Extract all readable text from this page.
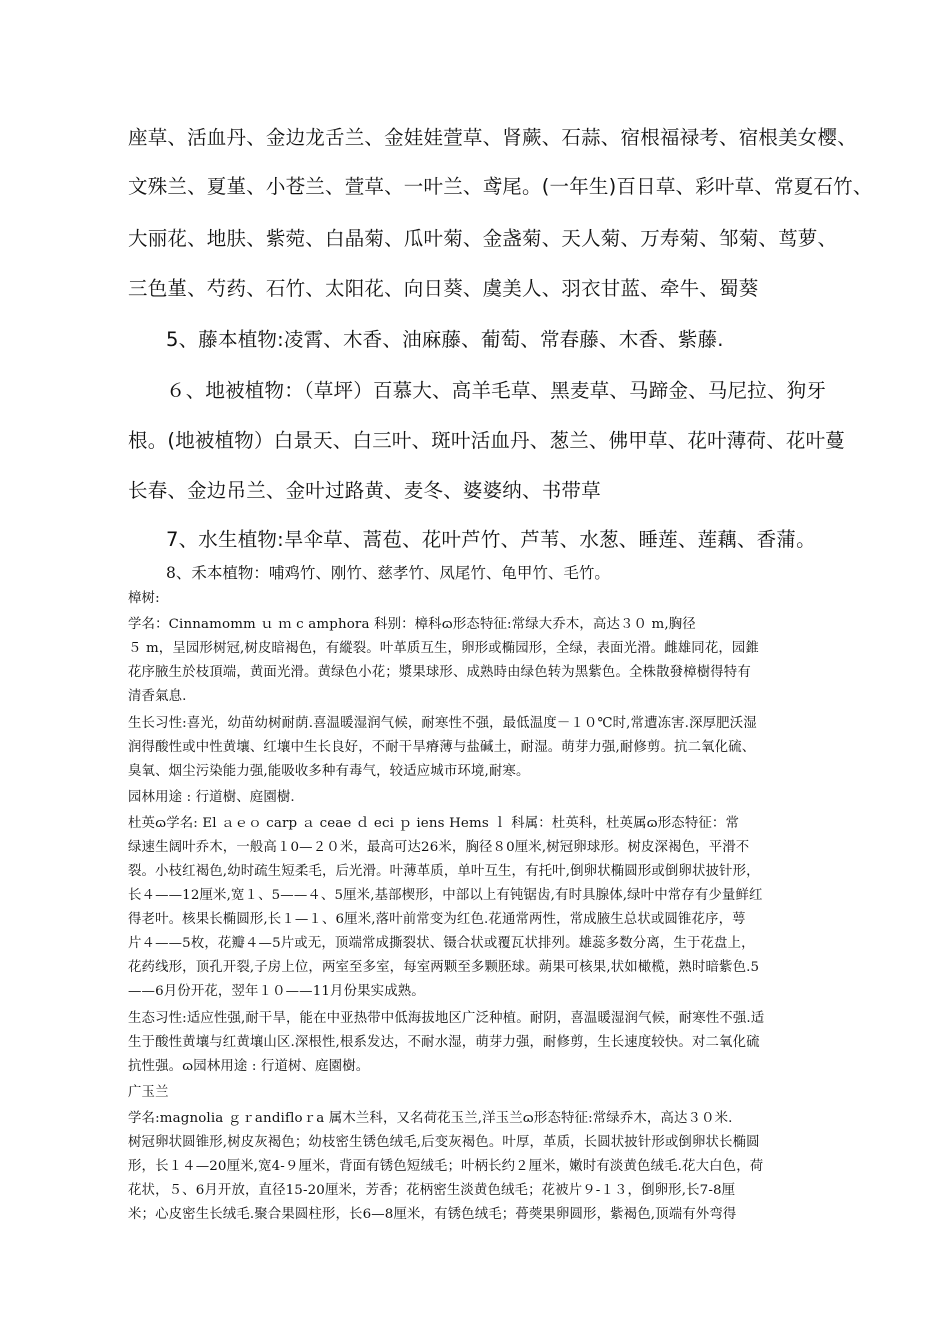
座草、活血丹、金边龙舌兰、金娃娃萱草、肾蕨、石蒜、宿根福禄考、宿根美女樱、
文殊兰、夏堇、小苍兰、萱草、一叶兰、鸢尾。(一年生)百日草、彩叶草、常夏石竹、
大丽花、地肤、紫菀、白晶菊、瓜叶菊、金盏菊、天人菊、万寿菊、邹菊、茑萝、
三色堇、芍药、石竹、太阳花、向日葵、虞美人、羽衣甘蓝、牵牛、蜀葵
5、藤本植物:凌霄、木香、油麻藤、葡萄、常春藤、木香、紫藤.
６、地被植物：（草坪）百慕大、高羊毛草、黑麦草、马蹄金、马尼拉、狗牙
根。(地被植物）白景天、白三叶、斑叶活血丹、葱兰、佛甲草、花叶薄荷、花叶蔓
长春、金边吊兰、金叶过路黄、麦冬、婆婆纳、书带草
7、水生植物:旱伞草、蒿苞、花叶芦竹、芦苇、水葱、睡莲、莲藕、香蒲。
8、禾本植物：哺鸡竹、刚竹、慈孝竹、凤尾竹、龟甲竹、毛竹。
樟树:
学名：Cinnamomm ｕ ｍ c amphora 科别：樟科ɷ形态特征:常绿大乔木，高达３０ m,胸径
５ m，呈园形树冠,树皮暗褐色，有縱裂。叶革质互生，卵形或椭园形，全绿，表面光滑。雌雄同花，园錐
花序腋生於枝頂端，黄面光滑。黄绿色小花；漿果球形、成熟時由绿色转为黑紫色。全株散發樟樹得特有
清香氣息.
生长习性:喜光，幼苗幼树耐荫.喜温暖湿润气候，耐寒性不强，最低温度－１０℃时,常遭冻害.深厚肥沃湿
润得酸性或中性黄壤、红壤中生长良好，不耐干旱瘠薄与盐碱土，耐湿。萌芽力强,耐修剪。抗二氧化硫、
臭氧、烟尘污染能力强,能吸收多种有毒气，较适应城市环境,耐寒。
园林用途 : 行道樹、庭園樹.
杜英ɷ学名: El ａｅｏ carp ａ ceae ｄ eci ｐ iens Hems ｌ 科属：杜英科，杜英属ɷ形态特征：常
绿速生阔叶乔木，一般高１0—２０米，最高可达26米，胸径８0厘米,树冠卵球形。树皮深褐色，平滑不
裂。小枝红褐色,幼时疏生短柔毛，后光滑。叶薄革质，单叶互生，有托叶,倒卵状椭圆形或倒卵状披针形，
长４——12厘米,宽１、5——４、5厘米,基部楔形，中部以上有钝锯齿,有时具腺体,绿叶中常存有少量鲜红
得老叶。核果长椭圆形,长１—１、6厘米,落叶前常变为红色.花通常两性，常成腋生总状或圆锥花序，萼
片４——5枚，花瓣４—5片或无，顶端常成撕裂状、镊合状或覆瓦状排列。雄蕊多数分离，生于花盘上，
花药线形，顶孔开裂,子房上位，两室至多室，每室两颗至多颗胚球。蒴果可核果,状如橄榄，熟时暗紫色.5
——6月份开花，翌年１０——11月份果实成熟。
生态习性:适应性强,耐干旱，能在中亚热带中低海拔地区广泛种植。耐阴，喜温暖湿润气候，耐寒性不强.适
生于酸性黄壤与红黄壤山区.深根性,根系发达，不耐水湿，萌芽力强，耐修剪，生长速度较快。对二氧化硫
抗性强。ɷ园林用途 : 行道树、庭園樹。
广玉兰
学名:magnolia ｇｒandifloｒa 属木兰科，又名荷花玉兰,洋玉兰ɷ形态特征:常绿乔木，高达３０米.
树冠卵状圆锥形,树皮灰褐色；幼枝密生锈色绒毛,后变灰褐色。叶厚，革质，长圆状披针形或倒卵状长椭圆
形，长１４—20厘米,宽4-９厘米，背面有锈色短绒毛；叶柄长约２厘米，嫩时有淡黄色绒毛.花大白色，荷
花状，５、6月开放，直径15-20厘米，芳香；花柄密生淡黄色绒毛；花被片９-１３，倒卵形,长7-8厘
米；心皮密生长绒毛.聚合果圆柱形，长6—8厘米，有锈色绒毛；蓇葖果卵圆形，紫褐色,顶端有外弯得
